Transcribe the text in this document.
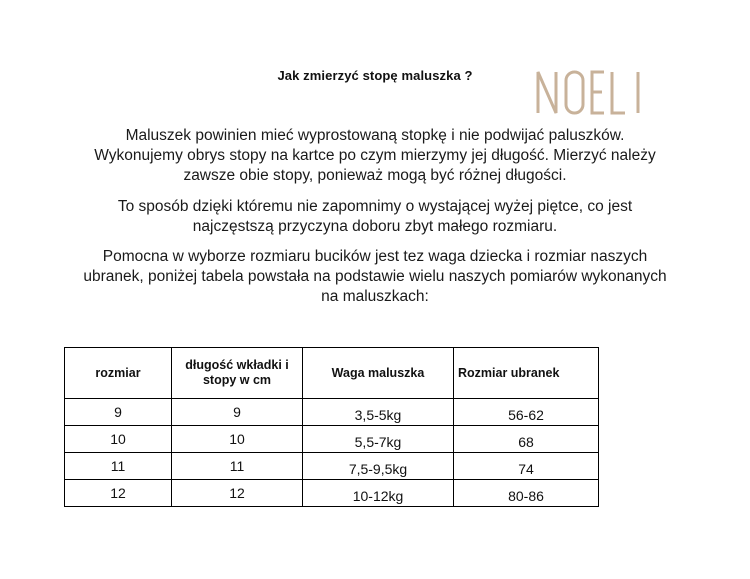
Jak zmierzyć stopę maluszka ?
Maluszek powinien mieć wyprostowaną stopkę i nie podwijać paluszków.
Wykonujemy obrys stopy na kartce po czym mierzymy jej długość. Mierzyć należy
zawsze obie stopy, ponieważ mogą być różnej długości.
To sposób dzięki któremu nie zapomnimy o wystającej wyżej piętce, co jest
najczęstszą przyczyna doboru zbyt małego rozmiaru.
Pomocna w wyborze rozmiaru bucików jest tez waga dziecka i rozmiar naszych
ubranek, poniżej tabela powstała na podstawie wielu naszych pomiarów wykonanych
na maluszkach:
rozmiar	długość wkładki i stopy w cm	Waga maluszka	Rozmiar ubranek
9	9	3,5-5kg	56-62
10	10	5,5-7kg	68
11	11	7,5-9,5kg	74
12	12	10-12kg	80-86
